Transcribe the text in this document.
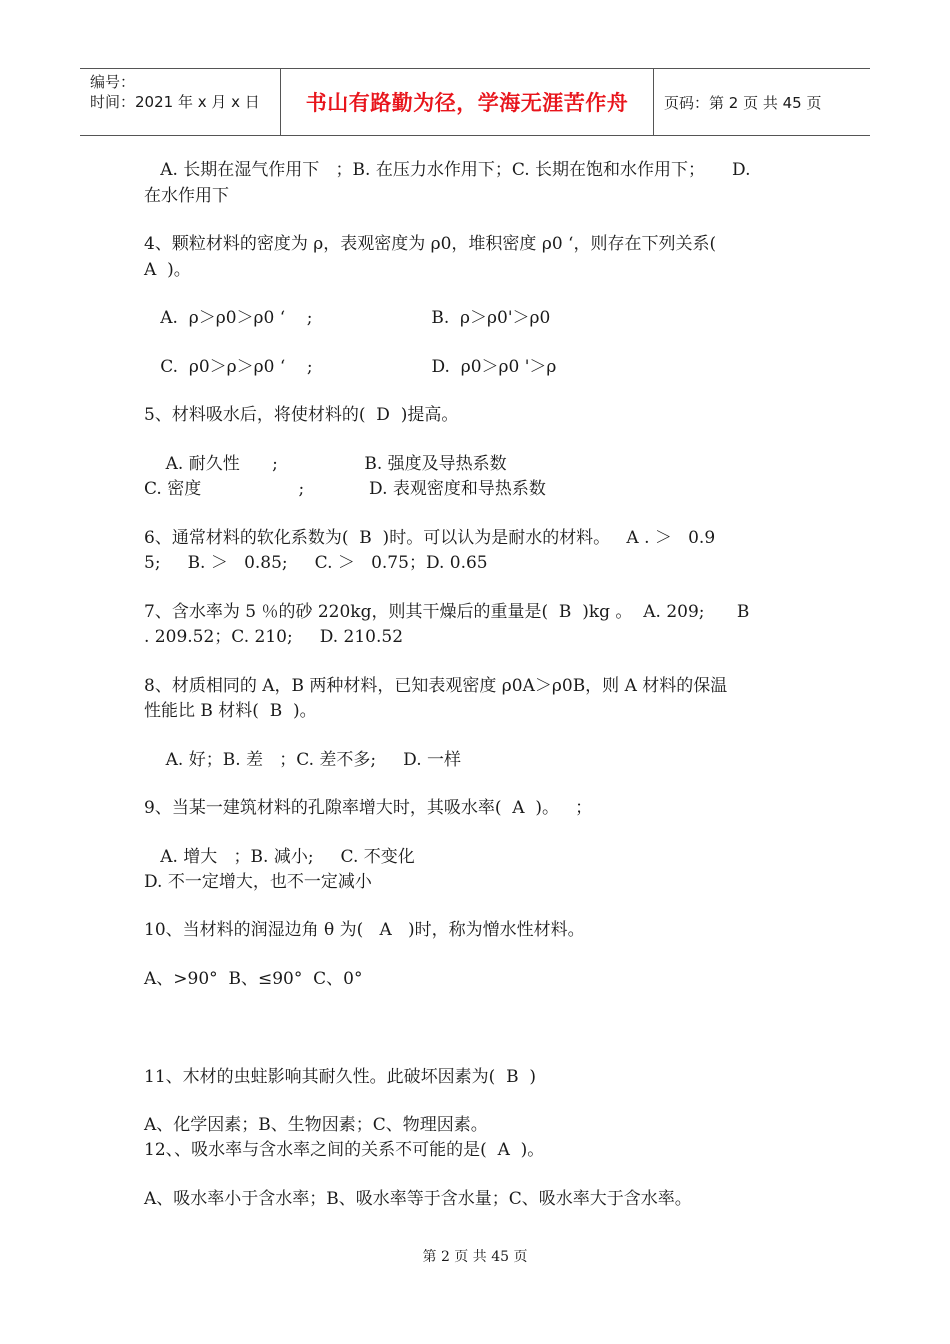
编号：
时间：2021 年 x 月 x 日	书山有路勤为径，学海无涯苦作舟 页码：第 2 页 共 45 页
A. 长期在湿气作用下   ；B. 在压力水作用下；C. 长期在饱和水作用下；     D.
在水作用下
4、颗粒材料的密度为 ρ，表观密度为 ρ0，堆积密度 ρ0 ‘，则存在下列关系(
A  )。
A.  ρ＞ρ0＞ρ0 ‘    ;                      B.  ρ＞ρ0'＞ρ0
C.  ρ0＞ρ＞ρ0 ‘    ;                      D.  ρ0＞ρ0 '＞ρ
5、材料吸水后，将使材料的(  D  )提高。
A. 耐久性      ;                B. 强度及导热系数
C. 密度                  ;            D. 表观密度和导热系数
6、通常材料的软化系数为(  B  )时。可以认为是耐水的材料。   A . ＞   0.9
5;     B. ＞   0.85;     C. ＞   0.75；D. 0.65
7、含水率为 5 ％的砂 220kg，则其干燥后的重量是(  B  )kg 。  A. 209;      B
. 209.52；C. 210;     D. 210.52
8、材质相同的 A，B 两种材料，已知表观密度 ρ0A＞ρ0B，则 A 材料的保温
性能比 B 材料(  B  )。
A. 好；B. 差   ；C. 差不多;     D. 一样
9、当某一建筑材料的孔隙率增大时，其吸水率(  A  )。   ；
A. 增大   ；B. 减小;     C. 不变化
D. 不一定增大，也不一定减小
10、当材料的润湿边角 θ 为(   A   )时，称为憎水性材料。
A、>90°  B、≤90°  C、0°
11、木材的虫蛀影响其耐久性。此破坏因素为(  B  )
A、化学因素；B、生物因素；C、物理因素。
12、、吸水率与含水率之间的关系不可能的是(  A  )。
A、吸水率小于含水率；B、吸水率等于含水量；C、吸水率大于含水率。
第 2 页 共 45 页
